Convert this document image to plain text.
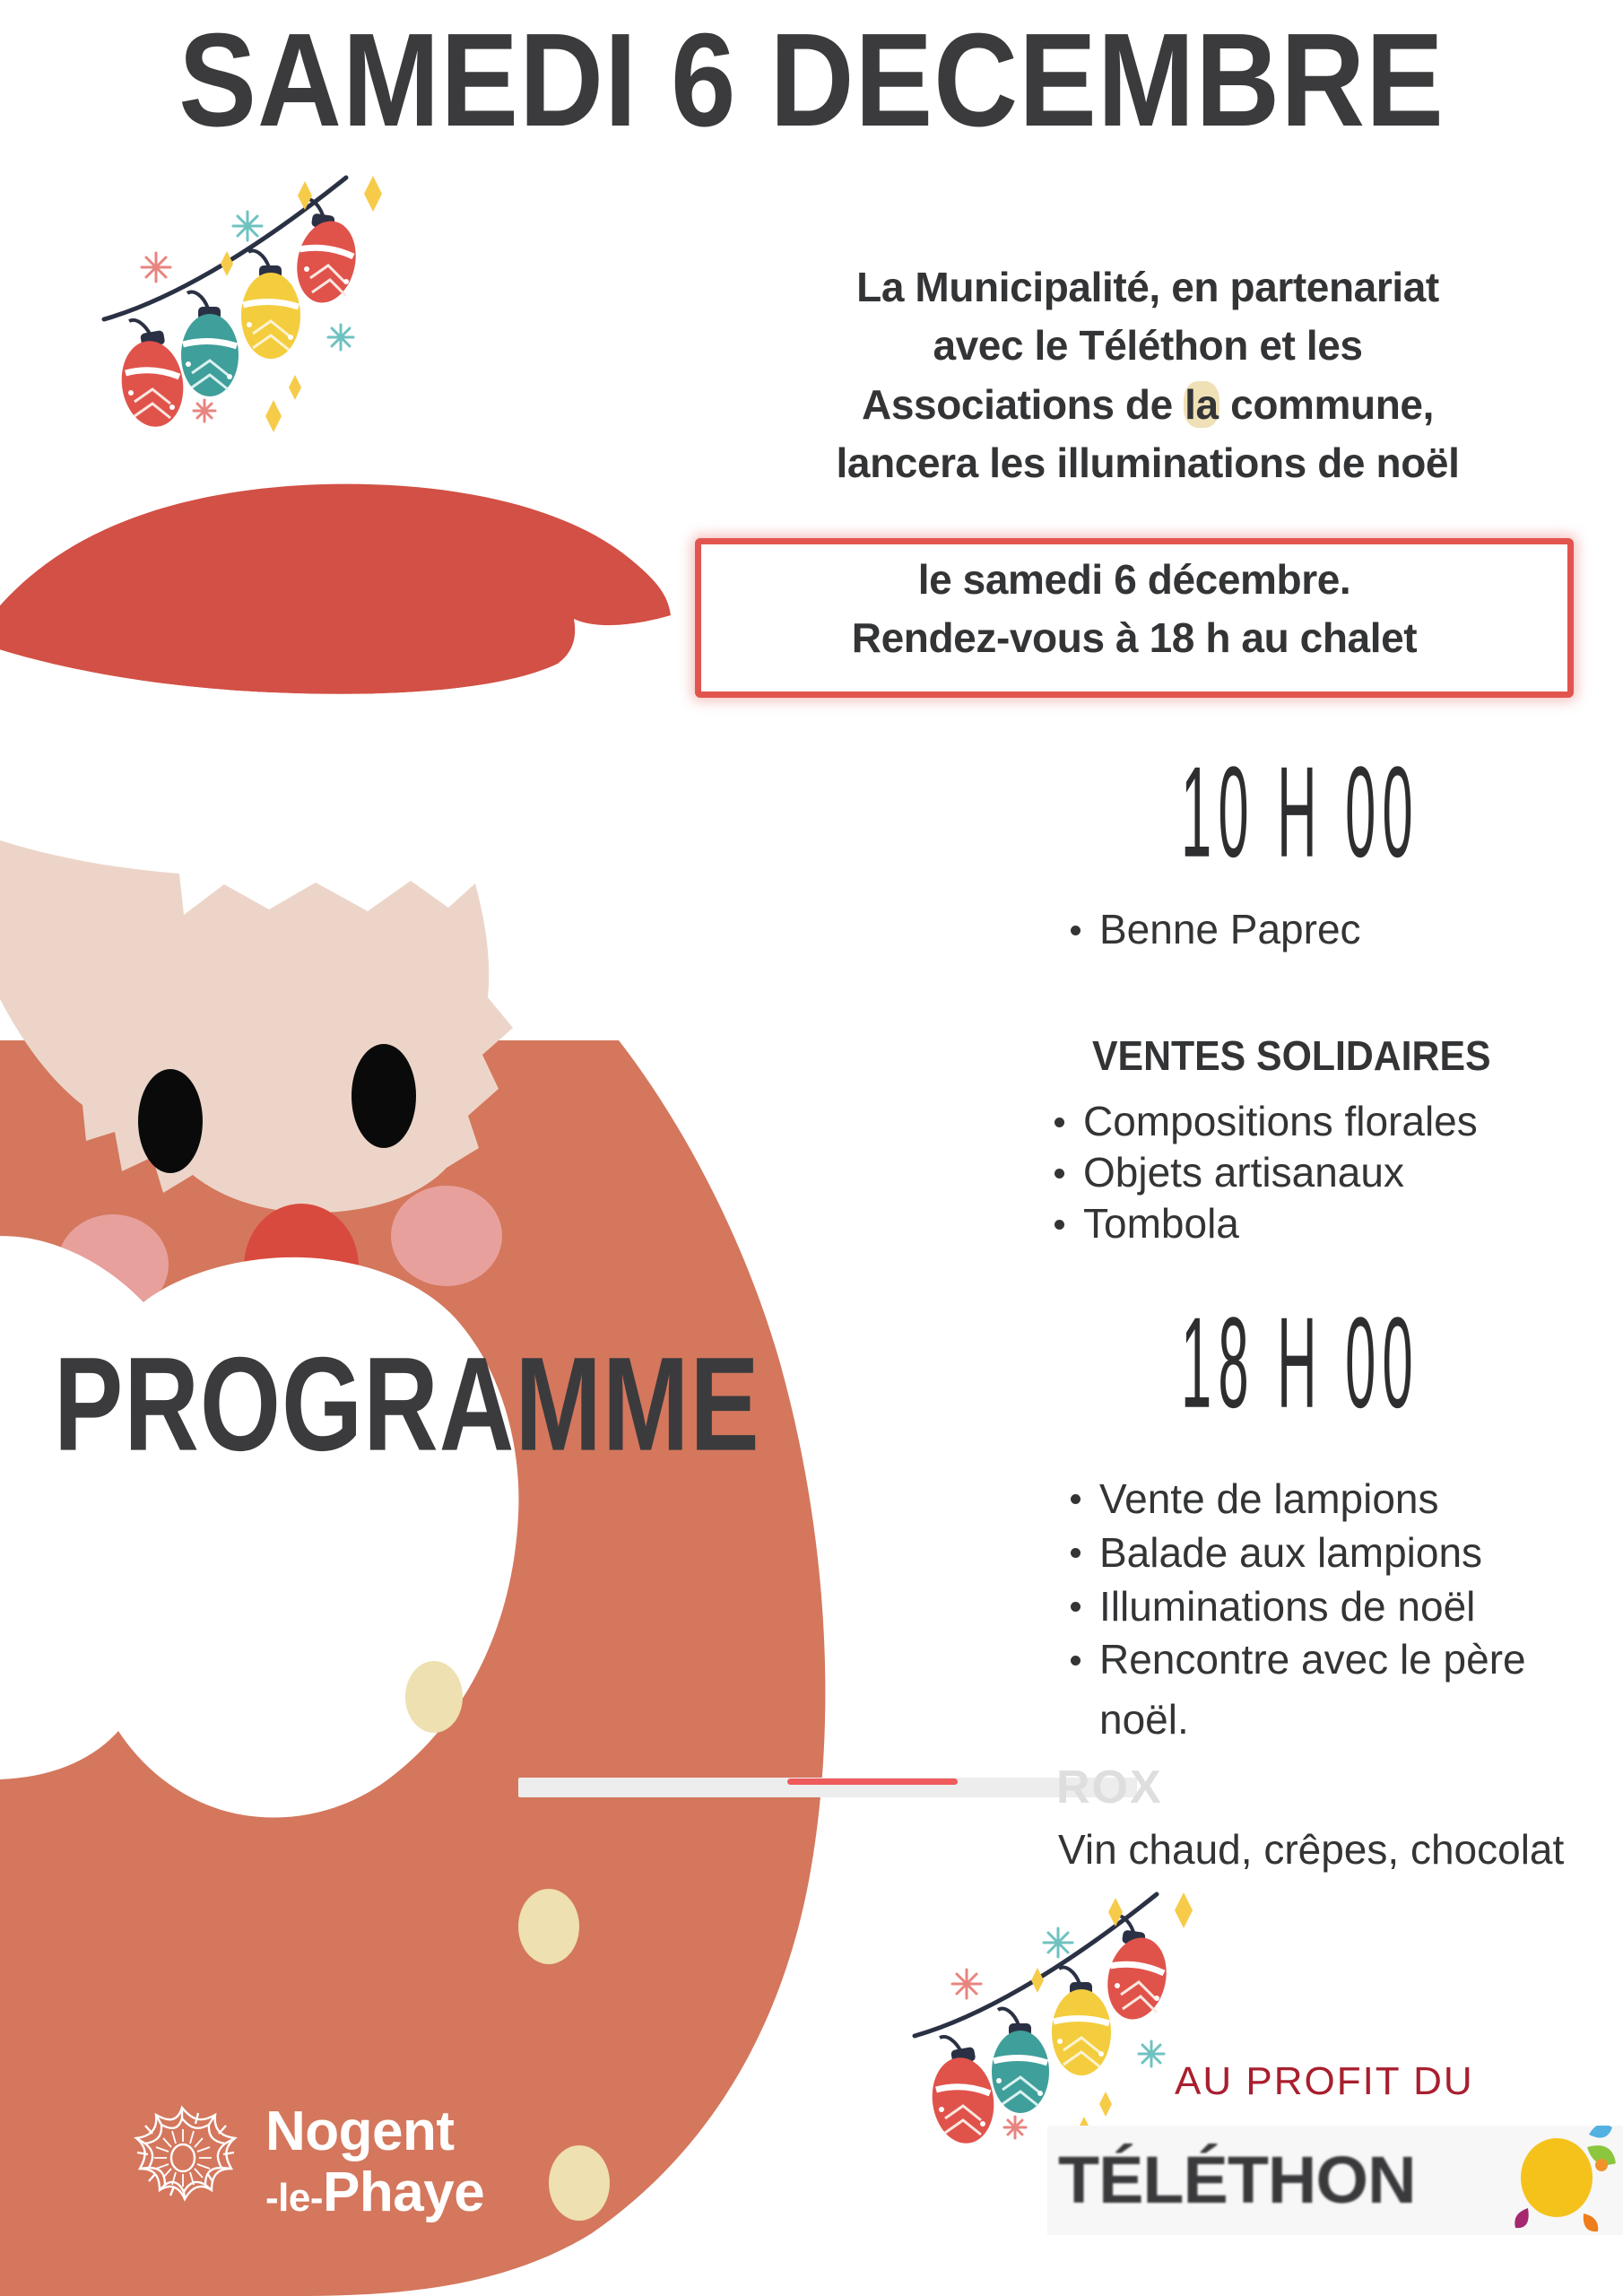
SAMEDI 6 DECEMBRE
La Municipalité, en partenariat
avec le Téléthon et les
Associations de la commune,
lancera les illuminations de noël
le samedi 6 décembre.
Rendez-vous à 18 h au chalet
10 H 00
Benne Paprec
VENTES SOLIDAIRES
Compositions florales
Objets artisanaux
Tombola
18 H 00
Vente de lampions
Balade aux lampions
Illuminations de noël
Rencontre avec le père
noël.
ROX
Vin chaud, crêpes, chocolat
PROGRAMME
AU PROFIT DU
TÉLÉTHON
Nogent
-le-Phaye
